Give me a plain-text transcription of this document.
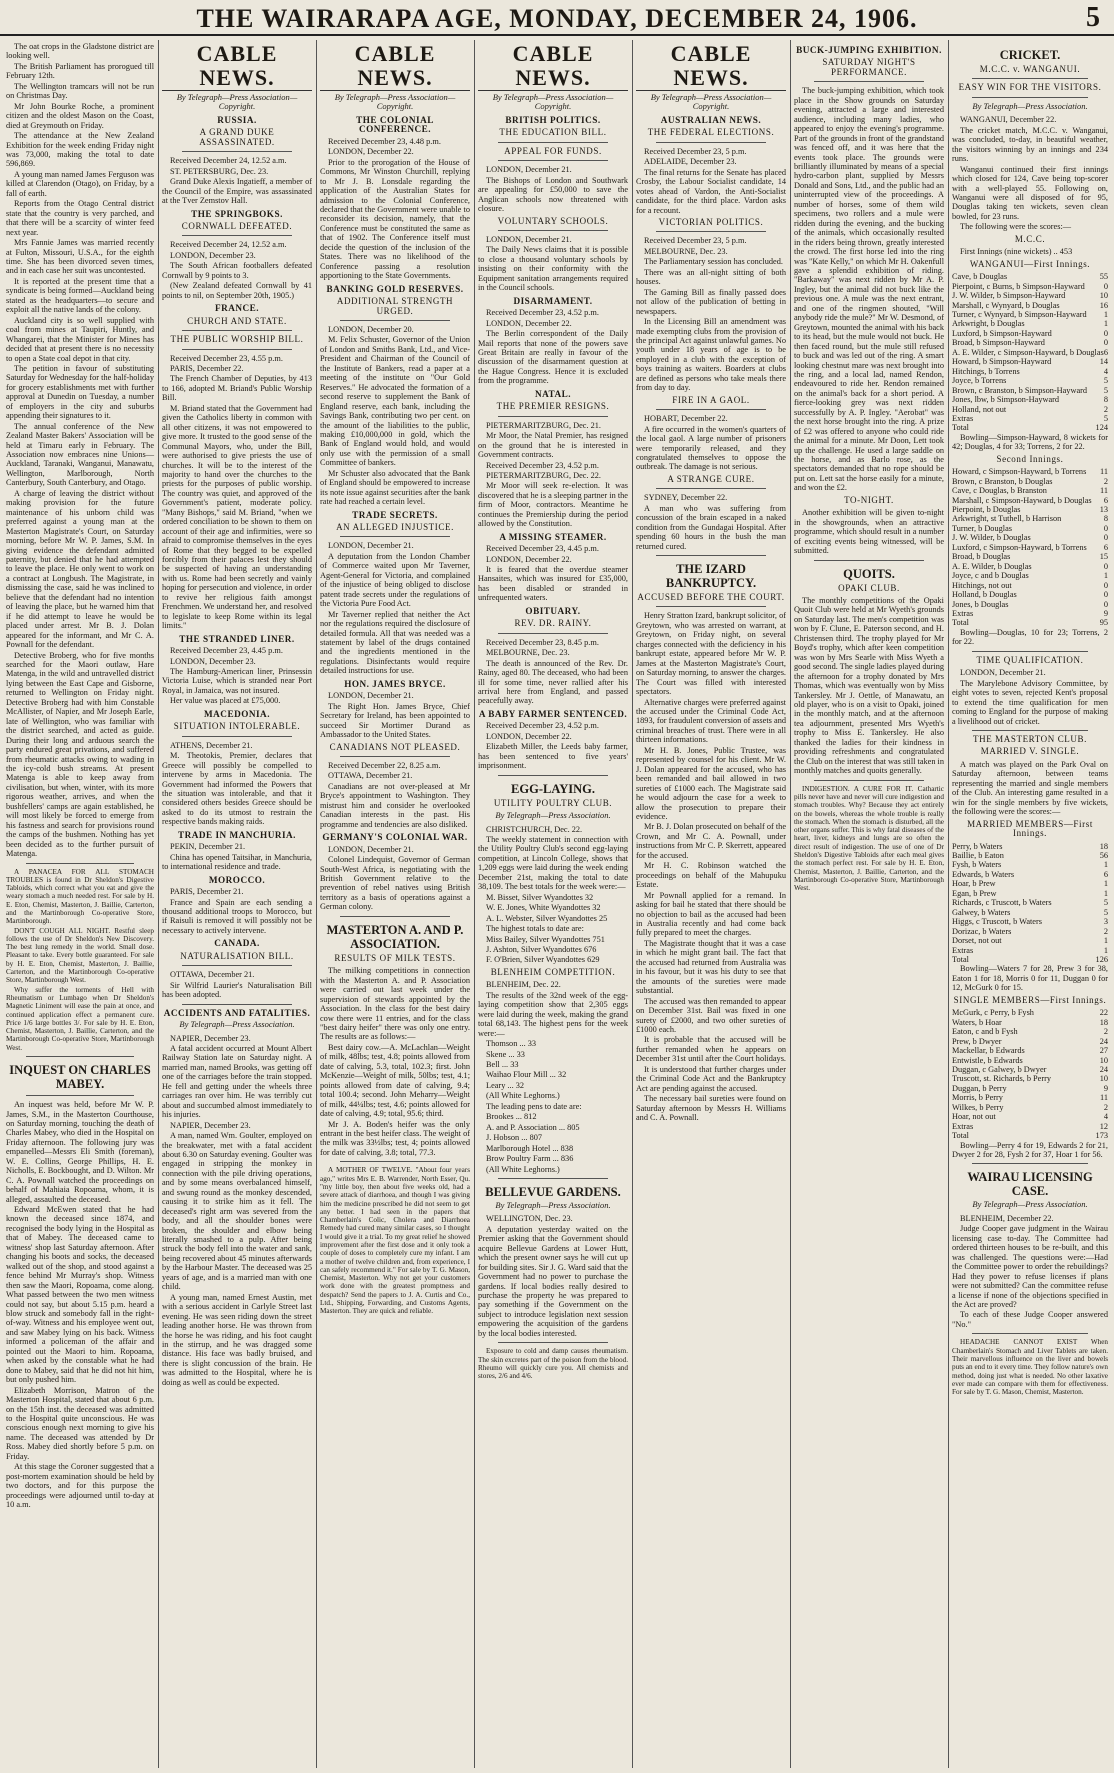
THE WAIRARAPA AGE, MONDAY, DECEMBER 24, 1906.	5

The oat crops in the Gladstone district are looking well.

The British Parliament has prorogued till February 12th.

The Wellington tramcars will not be run on Christmas Day.

Mr John Bourke Roche, a prominent citizen and the oldest Mason on the Coast, died at Greymouth on Friday.

The attendance at the New Zealand Exhibition for the week ending Friday night was 73,000, making the total to date 596,869.

A young man named James Ferguson was killed at Clarendon (Otago), on Friday, by a fall of earth.

Reports from the Otago Central district state that the country is very parched, and that there will be a scarcity of winter feed next year.

Mrs Fannie James was married recently at Fulton, Missouri, U.S.A., for the eighth time. She has been divorced seven times, and in each case her suit was uncontested.

It is reported at the present time that a syndicate is being formed—Auckland being stated as the headquarters—to secure and exploit all the native lands of the colony.

Auckland city is so well supplied with coal from mines at Taupiri, Huntly, and Whangarei, that the Minister for Mines has decided that at present there is no necessity to open a State coal depot in that city.

The petition in favour of substituting Saturday for Wednesday for the half-holiday for grocery establishments met with further approval at Dunedin on Tuesday, a number of employers in the city and suburbs appending their signatures to it.

The annual conference of the New Zealand Master Bakers' Association will be held at Timaru early in February. The Association now embraces nine Unions—Auckland, Taranaki, Wanganui, Manawatu, Wellington, Marlborough, North Canterbury, South Canterbury, and Otago.

A charge of leaving the district without making provision for the future maintenance of his unborn child was preferred against a young man at the Masterton Magistrate's Court, on Saturday morning, before Mr W. P. James, S.M. In giving evidence the defendant admitted paternity, but denied that he had attempted to leave the place. He only went to work on a contract at Longbush. The Magistrate, in dismissing the case, said he was inclined to believe that the defendant had no intention of leaving the place, but he warned him that if he did attempt to leave he would be placed under arrest. Mr B. J. Dolan appeared for the informant, and Mr C. A. Pownall for the defendant.

Detective Broberg, who for five months searched for the Maori outlaw, Hare Matenga, in the wild and untravelled district lying between the East Cape and Gisborne, returned to Wellington on Friday night. Detective Broberg had with him Constable McAllister, of Napier, and Mr Joseph Earle, late of Wellington, who was familiar with the district searched, and acted as guide. During their long and arduous search the party endured great privations, and suffered from rheumatic attacks owing to wading in the icy-cold bush streams. At present Matenga is able to keep away from civilisation, but when, winter, with its more rigorous weather, arrives, and when the bushfellers' camps are again established, he will most likely be forced to emerge from his fastness and search for provisions round the camps of the bushmen. Nothing has yet been decided as to the further pursuit of Matenga.

A PANACEA FOR ALL STOMACH TROUBLES is found in Dr Sheldon's Digestive Tabloids, which correct what you eat and give the weary stomach a much needed rest. For sale by H. E. Eton, Chemist, Masterton, J. Baillie, Carterton, and the Martinborough Co-operative Store, Martinborough.

DON'T COUGH ALL NIGHT. Restful sleep follows the use of Dr Sheldon's New Discovery. The best lung remedy in the world. Small dose. Pleasant to take. Every bottle guaranteed. For sale by H. E. Eton, Chemist, Masterton, J. Baillie, Carterton, and the Martinborough Co-operative Store, Martinborough West.

Why suffer the torments of Hell with Rheumatism or Lumbago when Dr Sheldon's Magnetic Liniment will ease the pain at once, and continued application effect a permanent cure. Price 1/6 large bottles 3/. For sale by H. E. Eton, Chemist, Masterton, J. Baillie, Carterton, and the Martinborough Co-operative Store, Martinborough West.

INQUEST ON CHARLES MABEY.

An inquest was held, before Mr W. P. James, S.M., in the Masterton Courthouse, on Saturday morning, touching the death of Charles Mabey, who died in the Hospital on Friday afternoon. The following jury was empanelled—Messrs Eli Smith (foreman), W. E. Collins, George Phillips, H. E. Nicholls, E. Bockbought, and D. Wilton. Mr C. A. Pownall watched the proceedings on behalf of Mahiaia Ropoama, whom, it is alleged, assaulted the deceased.

Edward McEwen stated that he had known the deceased since 1874, and recognised the body lying in the Hospital as that of Mabey. The deceased came to witness' shop last Saturday afternoon. After changing his boots and socks, the deceased walked out of the shop, and stood against a fence behind Mr Murray's shop. Witness then saw the Maori, Ropoama, come along. What passed between the two men witness could not say, but about 5.15 p.m. heard a blow struck and somebody fall in the right-of-way. Witness and his employee went out, and saw Mabey lying on his back. Witness informed a policeman of the affair and pointed out the Maori to him. Ropoama, when asked by the constable what he had done to Mabey, said that he did not hit him, but only pushed him.

Elizabeth Morrison, Matron of the Masterton Hospital, stated that about 6 p.m. on the 15th inst. the deceased was admitted to the Hospital quite unconscious. He was conscious enough next morning to give his name. The deceased was attended by Dr Ross. Mabey died shortly before 5 p.m. on Friday.

At this stage the Coroner suggested that a post-mortem examination should be held by two doctors, and for this purpose the proceedings were adjourned until to-day at 10 a.m.

CABLE NEWS.
By Telegraph—Press Association—Copyright.
RUSSIA.
A GRAND DUKE ASSASSINATED.

Received December 24, 12.52 a.m.

ST. PETERSBURG, Dec. 23.

Grand Duke Alexis Ingatieff, a member of the Council of the Empire, was assassinated at the Tver Zemstov Hall.

THE SPRINGBOKS.
CORNWALL DEFEATED.

Received December 24, 12.52 a.m.

LONDON, December 23.

The South African footballers defeated Cornwall by 9 points to 3.

(New Zealand defeated Cornwall by 41 points to nil, on September 20th, 1905.)

FRANCE.
CHURCH AND STATE.
THE PUBLIC WORSHIP BILL.

Received December 23, 4.55 p.m.

PARIS, December 22.

The French Chamber of Deputies, by 413 to 166, adopted M. Briand's Public Worship Bill.

M. Briand stated that the Government had given the Catholics liberty in common with all other citizens, it was not empowered to give more. It trusted to the good sense of the Communal Mayors, who, under the Bill, were authorised to give priests the use of churches. It will be to the interest of the majority to hand over the churches to the priests for the purposes of public worship. The country was quiet, and approved of the Government's patient, moderate policy. "Many Bishops," said M. Briand, "when we ordered conciliation to be shown to them on account of their age and infirmities, were so afraid to compromise themselves in the eyes of Rome that they begged to be expelled forcibly from their palaces lest they should be suspected of having an understanding with us. Rome had been secretly and vainly hoping for persecution and violence, in order to revive her religious faith amongst Frenchmen. We understand her, and resolved to legislate to keep Rome within its legal limits."

THE STRANDED LINER.

Received December 23, 4.45 p.m.

LONDON, December 23.

The Hamburg-American liner, Prinsessin Victoria Luise, which is stranded near Port Royal, in Jamaica, was not insured.

Her value was placed at £75,000.

MACEDONIA.
SITUATION INTOLERABLE.

ATHENS, December 21.

M. Theotokis, Premier, declares that Greece will possibly be compelled to intervene by arms in Macedonia. The Government had informed the Powers that the situation was intolerable, and that it considered others besides Greece should be asked to do its utmost to restrain the respective bands making raids.

TRADE IN MANCHURIA.

PEKIN, December 21.

China has opened Taitsihar, in Manchuria, to international residence and trade.

MOROCCO.

PARIS, December 21.

France and Spain are each sending a thousand additional troops to Morocco, but if Raisuli is removed it will possibly not be necessary to actively intervene.

CANADA.
NATURALISATION BILL.

OTTAWA, December 21.

Sir Wilfrid Laurier's Naturalisation Bill has been adopted.

ACCIDENTS AND FATALITIES.
By Telegraph—Press Association.

NAPIER, December 23.

A fatal accident occurred at Mount Albert Railway Station late on Saturday night. A married man, named Brooks, was getting off one of the carriages before the train stopped. He fell and getting under the wheels three carriages ran over him. He was terribly cut about and succumbed almost immediately to his injuries.

NAPIER, December 23.

A man, named Wm. Goulter, employed on the breakwater, met with a fatal accident about 6.30 on Saturday evening. Goulter was engaged in stripping the monkey in connection with the pile driving operations, and by some means overbalanced himself, and swung round as the monkey descended, causing it to strike him as it fell. The deceased's right arm was severed from the body, and all the shoulder bones were broken, the shoulder and elbow being literally smashed to a pulp. After being struck the body fell into the water and sank, being recovered about 45 minutes afterwards by the Harbour Master. The deceased was 25 years of age, and is a married man with one child.

A young man, named Ernest Austin, met with a serious accident in Carlyle Street last evening. He was seen riding down the street leading another horse. He was thrown from the horse he was riding, and his foot caught in the stirrup, and he was dragged some distance. His face was badly bruised, and there is slight concussion of the brain. He was admitted to the Hospital, where he is doing as well as could be expected.

CABLE NEWS.
By Telegraph—Press Association—Copyright.
THE COLONIAL CONFERENCE.

Received December 23, 4.48 p.m.

LONDON, December 22.

Prior to the prorogation of the House of Commons, Mr Winston Churchill, replying to Mr J. B. Lonsdale regarding the application of the Australian States for admission to the Colonial Conference, declared that the Government were unable to reconsider its decision, namely, that the Conference must be constituted the same as that of 1902. The Conference itself must decide the question of the inclusion of the States. There was no likelihood of the Conference passing a resolution apportioning to the State Governments.

BANKING GOLD RESERVES.
ADDITIONAL STRENGTH URGED.

LONDON, December 20.

M. Felix Schuster, Governor of the Union of London and Smiths Bank, Ltd., and Vice-President and Chairman of the Council of the Institute of Bankers, read a paper at a meeting of the institute on "Our Gold Reserves." He advocated the formation of a second reserve to supplement the Bank of England reserve, each bank, including the Savings Bank, contributing two per cent. on the amount of the liabilities to the public, making £10,000,000 in gold, which the Bank of England would hold, and would only use with the permission of a small Committee of bankers.

Mr Schuster also advocated that the Bank of England should be empowered to increase its note issue against securities after the bank rate had reached a certain level.

TRADE SECRETS.
AN ALLEGED INJUSTICE.

LONDON, December 21.

A deputation from the London Chamber of Commerce waited upon Mr Taverner, Agent-General for Victoria, and complained of the injustice of being obliged to disclose patent trade secrets under the regulations of the Victoria Pure Food Act.

Mr Taverner replied that neither the Act nor the regulations required the disclosure of detailed formula. All that was needed was a statement by label of the drugs contained and the ingredients mentioned in the regulations. Disinfectants would require detailed instructions for use.

HON. JAMES BRYCE.

LONDON, December 21.

The Right Hon. James Bryce, Chief Secretary for Ireland, has been appointed to succeed Sir Mortimer Durand as Ambassador to the United States.

CANADIANS NOT PLEASED.

Received December 22, 8.25 a.m.

OTTAWA, December 21.

Canadians are not over-pleased at Mr Bryce's appointment to Washington. They mistrust him and consider he overlooked Canadian interests in the past. His programme and tendencies are also disliked.

GERMANY'S COLONIAL WAR.

LONDON, December 21.

Colonel Lindequist, Governor of German South-West Africa, is negotiating with the British Government relative to the prevention of rebel natives using British territory as a basis of operations against a German colony.

MASTERTON A. AND P. ASSOCIATION.
RESULTS OF MILK TESTS.

The milking competitions in connection with the Masterton A. and P. Association were carried out last week under the supervision of stewards appointed by the Association. In the class for the best dairy cow there were 11 entries, and for the class "best dairy heifer" there was only one entry. The results are as follows:—

Best dairy cow.—A. McLachlan—Weight of milk, 48lbs; test, 4.8; points allowed from date of calving, 5.3, total, 102.3; first. John McKenzie—Weight of milk, 50lbs; test, 4.1; points allowed from date of calving, 9.4; total 100.4; second. John Meharry—Weight of milk, 44¼lbs; test, 4.6; points allowed for date of calving, 4.9; total, 95.6; third.

Mr J. A. Boden's heifer was the only entrant in the best heifer class. The weight of the milk was 33½lbs; test, 4; points allowed for date of calving, 3.8; total, 77.3.

A MOTHER OF TWELVE. "About four years ago," writes Mrs E. B. Warrender, North Esser, Qu. "my little boy, then about five weeks old, had a severe attack of diarrhoea, and though I was giving him the medicine prescribed he did not seem to get any better. I had seen in the papers that Chamberlain's Colic, Cholera and Diarrhoea Remedy had cured many similar cases, so I thought I would give it a trial. To my great relief he showed improvement after the first dose and it only took a couple of doses to completely cure my infant. I am a mother of twelve children and, from experience, I can safely recommend it." For sale by T. G. Mason, Chemist, Masterton. Why not get your customers work done with the greatest promptness and despatch? Send the papers to J. A. Curtis and Co., Ltd., Shipping, Forwarding, and Customs Agents, Masterton. They are quick and reliable.

CABLE NEWS.
By Telegraph—Press Association—Copyright.
BRITISH POLITICS.
THE EDUCATION BILL.
APPEAL FOR FUNDS.

LONDON, December 21.

The Bishops of London and Southwark are appealing for £50,000 to save the Anglican schools now threatened with closure.

VOLUNTARY SCHOOLS.

LONDON, December 21.

The Daily News claims that it is possible to close a thousand voluntary schools by insisting on their conformity with the Equipment sanitation arrangements required in the Council schools.

DISARMAMENT.

Received December 23, 4.52 p.m.

LONDON, December 22.

The Berlin correspondent of the Daily Mail reports that none of the powers save Great Britain are really in favour of the discussion of the disarmament question at the Hague Congress. Hence it is excluded from the programme.

NATAL.
THE PREMIER RESIGNS.

PIETERMARITZBURG, Dec. 21.

Mr Moor, the Natal Premier, has resigned on the ground that he is interested in Government contracts.

Received December 23, 4.52 p.m.

PIETERMARITZBURG, Dec. 22.

Mr Moor will seek re-election. It was discovered that he is a sleeping partner in the firm of Moor, contractors. Meantime he continues the Premiership during the period allowed by the Constitution.

A MISSING STEAMER.

Received December 23, 4.45 p.m.

LONDON, December 22.

It is feared that the overdue steamer Hansaites, which was insured for £35,000, has been disabled or stranded in unfrequented waters.

OBITUARY.
REV. DR. RAINY.

Received December 23, 8.45 p.m.

MELBOURNE, Dec. 23.

The death is announced of the Rev. Dr. Rainy, aged 80. The deceased, who had been ill for some time, never rallied after his arrival here from England, and passed peacefully away.

A BABY FARMER SENTENCED.

Received December 23, 4.52 p.m.

LONDON, December 22.

Elizabeth Miller, the Leeds baby farmer, has been sentenced to five years' imprisonment.

EGG-LAYING.
UTILITY POULTRY CLUB.
By Telegraph—Press Association.

CHRISTCHURCH, Dec. 22.

The weekly statement in connection with the Utility Poultry Club's second egg-laying competition, at Lincoln College, shows that 1,209 eggs were laid during the week ending December 21st, making the total to date 38,109. The best totals for the week were:—

M. Bisset, Silver Wyandottes 32

W. E. Jones, White Wyandottes 32

A. L. Webster, Silver Wyandottes 25

The highest totals to date are:

Miss Bailey, Silver Wyandottes 751

J. Ashton, Silver Wyandottes 676

F. O'Brien, Silver Wyandottes 629

BLENHEIM COMPETITION.

BLENHEIM, Dec. 22.

The results of the 32nd week of the egg-laying competition show that 2,305 eggs were laid during the week, making the grand total 68,143. The highest pens for the week were:—

Thomson ... 33

Skene ... 33

Bell ... 33

Waihao Flour Mill ... 32

Leary ... 32

(All White Leghorns.)

The leading pens to date are:

Brookes ... 812

A. and P. Association ... 805

J. Hobson ... 807

Marlborough Hotel ... 838

Brow Poultry Farm ... 836

(All White Leghorns.)

BELLEVUE GARDENS.
By Telegraph—Press Association.

WELLINGTON, Dec. 23.

A deputation yesterday waited on the Premier asking that the Government should acquire Bellevue Gardens at Lower Hutt, which the present owner says he will cut up for building sites. Sir J. G. Ward said that the Government had no power to purchase the gardens. If local bodies really desired to purchase the property he was prepared to pay something if the Government on the subject to introduce legislation next session empowering the acquisition of the gardens by the local bodies interested.

Exposure to cold and damp causes rheumatism. The skin excretes part of the poison from the blood. Rheumo will quickly cure you. All chemists and stores, 2/6 and 4/6.

CABLE NEWS.
By Telegraph—Press Association—Copyright.
AUSTRALIAN NEWS.
THE FEDERAL ELECTIONS.

Received December 23, 5 p.m.

ADELAIDE, December 23.

The final returns for the Senate has placed Crosby, the Labour Socialist candidate, 14 votes ahead of Vardon, the Anti-Socialist candidate, for the third place. Vardon asks for a recount.

VICTORIAN POLITICS.

Received December 23, 5 p.m.

MELBOURNE, Dec. 23.

The Parliamentary session has concluded.

There was an all-night sitting of both houses.

The Gaming Bill as finally passed does not allow of the publication of betting in newspapers.

In the Licensing Bill an amendment was made exempting clubs from the provision of the principal Act against unlawful games. No youth under 18 years of age is to be employed in a club with the exception of boys training as waiters. Boarders at clubs are defined as persons who take meals there from day to day.

FIRE IN A GAOL.

HOBART, December 22.

A fire occurred in the women's quarters of the local gaol. A large number of prisoners were temporarily released, and they congratulated themselves to oppose the outbreak. The damage is not serious.

A STRANGE CURE.

SYDNEY, December 22.

A man who was suffering from concussion of the brain escaped in a naked condition from the Gundagai Hospital. After spending 60 hours in the bush the man returned cured.

THE IZARD BANKRUPTCY.
ACCUSED BEFORE THE COURT.

Henry Stratton Izard, bankrupt solicitor, of Greytown, who was arrested on warrant, at Greytown, on Friday night, on several charges connected with the deficiency in his bankrupt estate, appeared before Mr W. P. James at the Masterton Magistrate's Court, on Saturday morning, to answer the charges. The Court was filled with interested spectators.

Alternative charges were preferred against the accused under the Criminal Code Act, 1893, for fraudulent conversion of assets and criminal breaches of trust. There were in all thirteen informations.

Mr H. B. Jones, Public Trustee, was represented by counsel for his client. Mr W. J. Dolan appeared for the accused, who has been remanded and bail allowed in two sureties of £1000 each. The Magistrate said he would adjourn the case for a week to allow the prosecution to prepare their evidence.

Mr B. J. Dolan prosecuted on behalf of the Crown, and Mr C. A. Pownall, under instructions from Mr C. P. Skerrett, appeared for the accused.

Mr H. C. Robinson watched the proceedings on behalf of the Mahupuku Estate.

Mr Pownall applied for a remand. In asking for bail he stated that there should be no objection to bail as the accused had been in Australia recently and had come back fully prepared to meet the charges.

The Magistrate thought that it was a case in which he might grant bail. The fact that the accused had returned from Australia was in his favour, but it was his duty to see that the amounts of the sureties were made substantial.

The accused was then remanded to appear on December 31st. Bail was fixed in one surety of £2000, and two other sureties of £1000 each.

It is probable that the accused will be further remanded when he appears on December 31st until after the Court holidays.

It is understood that further charges under the Criminal Code Act and the Bankruptcy Act are pending against the accused.

The necessary bail sureties were found on Saturday afternoon by Messrs H. Williams and C. A. Pownall.

BUCK-JUMPING EXHIBITION.
SATURDAY NIGHT'S PERFORMANCE.

The buck-jumping exhibition, which took place in the Show grounds on Saturday evening, attracted a large and interested audience, including many ladies, who appeared to enjoy the evening's programme. Part of the grounds in front of the grandstand was fenced off, and it was here that the events took place. The grounds were brilliantly illuminated by means of a special hydro-carbon plant, supplied by Messrs Donald and Sons, Ltd., and the public had an uninterrupted view of the proceedings. A number of horses, some of them wild specimens, two rollers and a mule were ridden during the evening, and the bucking of the animals, which occasionally resulted in the riders being thrown, greatly interested the crowd. The first horse led into the ring was "Kate Kelly," on which Mr H. Oakenfull gave a splendid exhibition of riding. "Barkaway" was next ridden by Mr A. P. Ingley, but the animal did not buck like the previous one. A mule was the next entrant, and one of the ringmen shouted, "Will anybody ride the mule?" Mr W. Desmond, of Greytown, mounted the animal with his back to its head, but the mule would not buck. He then faced round, but the mule still refused to buck and was led out of the ring. A smart looking chestnut mare was next brought into the ring, and a local lad, named Rendon, endeavoured to ride her. Rendon remained on the animal's back for a short period. A fierce-looking grey was next ridden successfully by A. P. Ingley. "Aerobat" was the next horse brought into the ring. A prize of £2 was offered to anyone who could ride the animal for a minute. Mr Doon, Lett took up the challenge. He used a large saddle on the horse, and as Barlo rose, as the spectators demanded that no rope should be put on. Lett sat the horse easily for a minute, and won the £2.

TO-NIGHT.

Another exhibition will be given to-night in the showgrounds, when an attractive programme, which should result in a number of exciting events being witnessed, will be submitted.

QUOITS.
OPAKI CLUB.

The monthly competitions of the Opaki Quoit Club were held at Mr Wyeth's grounds on Saturday last. The men's competition was won by F. Clune, E. Paterson second, and H. Christensen third. The trophy played for Mr Boyd's trophy, which after keen competition was won by Mrs Searle with Miss Wyeth a good second. The single ladies played during the afternoon for a trophy donated by Mrs Thomas, which was eventually won by Miss Tankersley. Mr J. Oettle, of Manawatu, an old player, who is on a visit to Opaki, joined in the monthly match, and at the afternoon tea adjournment, presented Mrs Wyeth's trophy to Miss E. Tankersley. He also thanked the ladies for their kindness in providing refreshments and congratulated the Club on the interest that was still taken in monthly matches and quoits generally.

INDIGESTION. A CURE FOR IT. Cathartic pills never have and never will cure indigestion and stomach troubles. Why? Because they act entirely on the bowels, whereas the whole trouble is really the stomach. When the stomach is disturbed, all the other organs suffer. This is why fatal diseases of the heart, liver, kidneys and lungs are so often the direct result of indigestion. The use of one of Dr Sheldon's Digestive Tabloids after each meal gives the stomach perfect rest. For sale by H. E. Eton, Chemist, Masterton, J. Baillie, Carterton, and the Martinborough Co-operative Store, Martinborough West.

CRICKET.
M.C.C. v. WANGANUI.
EASY WIN FOR THE VISITORS.
By Telegraph—Press Association.

WANGANUI, December 22.

The cricket match, M.C.C. v. Wanganui, was concluded, to-day, in beautiful weather, the visitors winning by an innings and 234 runs.

Wanganui continued their first innings which closed for 124, Cave being top-scorer with a well-played 55. Following on, Wanganui were all disposed of for 95, Douglas taking ten wickets, seven clean bowled, for 23 runs.

The following were the scores:—

M.C.C.

First Innings (nine wickets) .. 453

WANGANUI—First Innings.
Cave, b Douglas	55
Pierpoint, c Burns, b Simpson-Hayward	0
J. W. Wilder, b Simpson-Hayward	10
Marshall, c Wynyard, b Douglas	16
Turner, c Wynyard, b Simpson-Hayward	1
Arkwright, b Douglas	1
Luxford, b Simpson-Hayward	0
Broad, b Simpson-Hayward	0
A. E. Wilder, c Simpson-Hayward, b Douglas 6
Howard, b Simpson-Hayward	14
Hitchings, b Torrens	4
Joyce, b Torrens	5
Brown, c Branston, b Simpson-Hayward	5
Jones, lbw, b Simpson-Hayward	8
Holland, not out	2
Extras	5
Total	124

Bowling—Simpson-Hayward, 8 wickets for 42; Douglas, 4 for 33; Torrens, 2 for 22.

Second Innings.
Howard, c Simpson-Hayward, b Torrens	11
Brown, c Branston, b Douglas	2
Cave, c Douglas, b Branston	11
Marshall, c Simpson-Hayward, b Douglas	6
Pierpoint, b Douglas	13
Arkwright, st Tuthell, b Harrison	8
Turner, b Douglas	0
J. W. Wilder, b Douglas	0
Luxford, c Simpson-Hayward, b Torrens	6
Broad, b Douglas	15
A. E. Wilder, b Douglas	0
Joyce, c and b Douglas	1
Hitchings, not out	0
Holland, b Douglas	0
Jones, b Douglas	0
Extras	9
Total	95

Bowling—Douglas, 10 for 23; Torrens, 2 for 22.

TIME QUALIFICATION.

LONDON, December 21.

The Marylebone Advisory Committee, by eight votes to seven, rejected Kent's proposal to extend the time qualification for men coming to England for the purpose of making a livelihood out of cricket.

THE MASTERTON CLUB.
MARRIED V. SINGLE.

A match was played on the Park Oval on Saturday afternoon, between teams representing the married and single members of the Club. An interesting game resulted in a win for the single members by five wickets, the following were the scores:—

MARRIED MEMBERS—First Innings.
Perry, b Waters	18
Baillie, b Eaton	56
Fysh, b Waters	1
Edwards, b Waters	6
Hoar, b Prew	1
Egan, b Prew	1
Richards, c Truscott, b Waters	5
Galwey, b Waters	5
Higgs, c Truscott, b Waters	3
Dorizac, b Waters	2
Dorset, not out	1
Extras	1
Total	126

Bowling—Waters 7 for 28, Prew 3 for 38, Eaton 1 for 18, Morris 0 for 11, Duggan 0 for 12, McGurk 0 for 15.

SINGLE MEMBERS—First Innings.
McGurk, c Perry, b Fysh	22
Waters, b Hoar	18
Eaton, c and b Fysh	2
Prew, b Dwyer	24
Mackellar, b Edwards	27
Entwistle, b Edwards	10
Duggan, c Galwey, b Dwyer	24
Truscott, st. Richards, b Perry	10
Duggan, b Perry	9
Morris, b Perry	11
Wilkes, b Perry	2
Hoar, not out	4
Extras	12
Total	173

Bowling—Perry 4 for 19, Edwards 2 for 21, Dwyer 2 for 28, Fysh 2 for 37, Hoar 1 for 56.

WAIRAU LICENSING CASE.
By Telegraph—Press Association.

BLENHEIM, December 22.

Judge Cooper gave judgment in the Wairau licensing case to-day. The Committee had ordered thirteen houses to be re-built, and this was challenged. The questions were:—Had the Committee power to order the rebuildings? Had they power to refuse licenses if plans were not submitted? Can the committee refuse a license if none of the objections specified in the Act are proved?

To each of these Judge Cooper answered "No."

HEADACHE CANNOT EXIST When Chamberlain's Stomach and Liver Tablets are taken. Their marvellous influence on the liver and bowels puts an end to it every time. They follow nature's own method, doing just what is needed. No other laxative ever made can compare with them for effectiveness. For sale by T. G. Mason, Chemist, Masterton.
